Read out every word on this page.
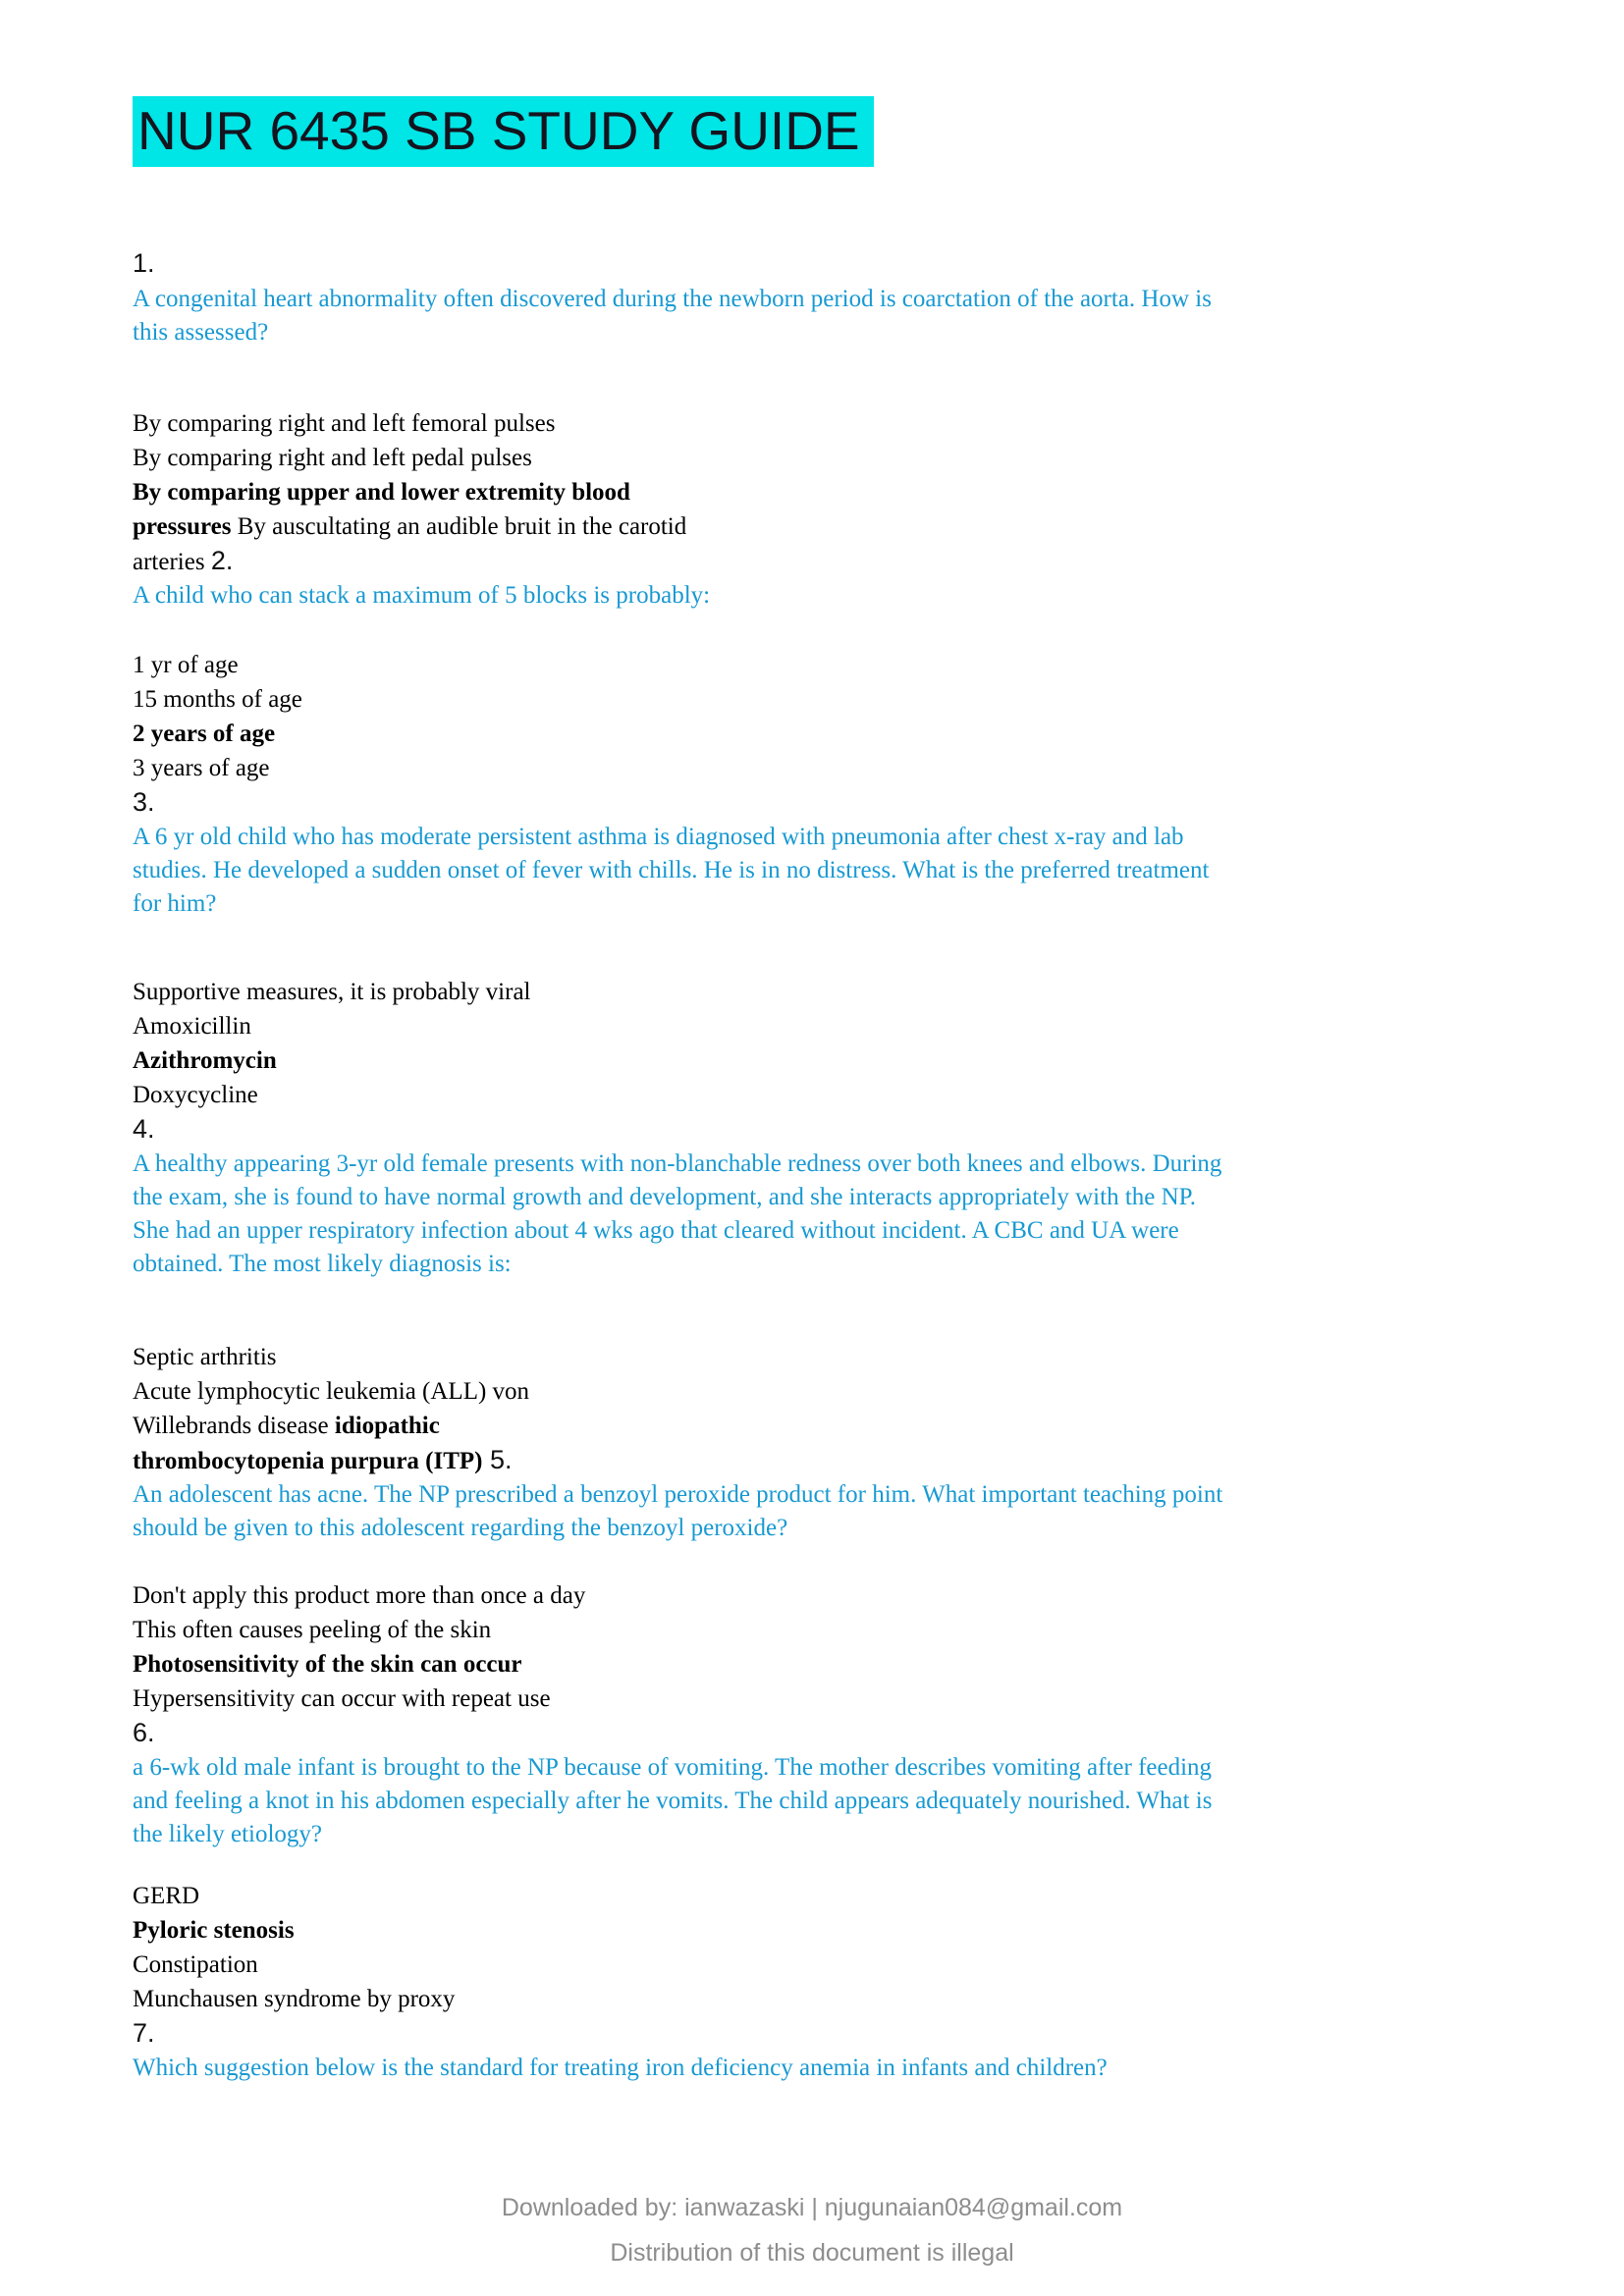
NUR 6435 SB STUDY GUIDE
1.
A congenital heart abnormality often discovered during the newborn period is coarctation of the aorta. How is
this assessed?
By comparing right and left femoral pulses
By comparing right and left pedal pulses
By comparing upper and lower extremity blood
pressures By auscultating an audible bruit in the carotid
arteries 2.
A child who can stack a maximum of 5 blocks is probably:
1 yr of age
15 months of age
2 years of age
3 years of age
3.
A 6 yr old child who has moderate persistent asthma is diagnosed with pneumonia after chest x-ray and lab
studies. He developed a sudden onset of fever with chills. He is in no distress. What is the preferred treatment
for him?
Supportive measures, it is probably viral
Amoxicillin
Azithromycin
Doxycycline
4.
A healthy appearing 3-yr old female presents with non-blanchable redness over both knees and elbows. During
the exam, she is found to have normal growth and development, and she interacts appropriately with the NP.
She had an upper respiratory infection about 4 wks ago that cleared without incident. A CBC and UA were
obtained. The most likely diagnosis is:
Septic arthritis
Acute lymphocytic leukemia (ALL) von
Willebrands disease idiopathic
thrombocytopenia purpura (ITP) 5.
An adolescent has acne. The NP prescribed a benzoyl peroxide product for him. What important teaching point
should be given to this adolescent regarding the benzoyl peroxide?
Don't apply this product more than once a day
This often causes peeling of the skin
Photosensitivity of the skin can occur
Hypersensitivity can occur with repeat use
6.
a 6-wk old male infant is brought to the NP because of vomiting. The mother describes vomiting after feeding
and feeling a knot in his abdomen especially after he vomits. The child appears adequately nourished. What is
the likely etiology?
GERD
Pyloric stenosis
Constipation
Munchausen syndrome by proxy
7.
Which suggestion below is the standard for treating iron deficiency anemia in infants and children?
Downloaded by: ianwazaski | njugunaian084@gmail.com
Distribution of this document is illegal
